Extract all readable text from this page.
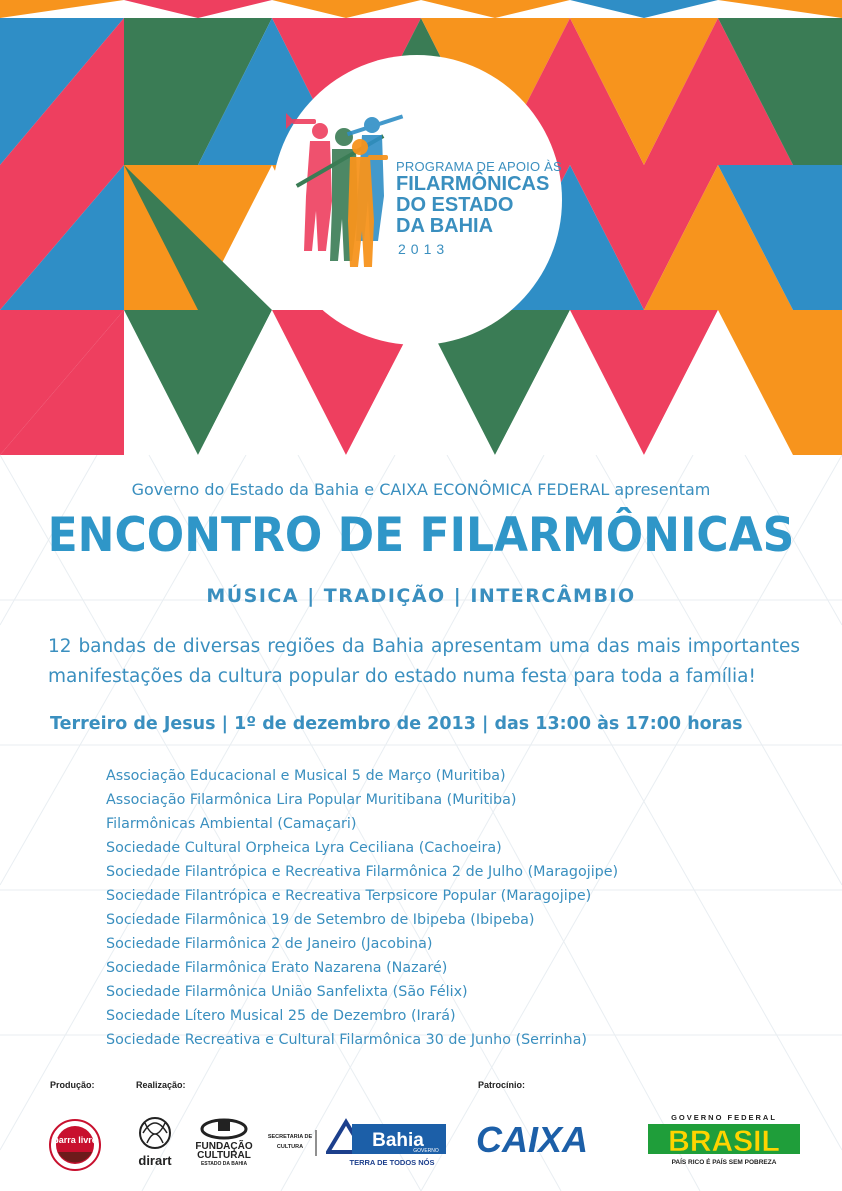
PROGRAMA DE APOIO ÀS
FILARMÔNICAS
DO ESTADO
DA BAHIA
2013
Governo do Estado da Bahia e CAIXA ECONÔMICA FEDERAL apresentam
ENCONTRO DE FILARMÔNICAS
MÚSICA | TRADIÇÃO | INTERCÂMBIO
12 bandas de diversas regiões da Bahia apresentam uma das mais importantes manifestações da cultura popular do estado numa festa para toda a família!
Terreiro de Jesus | 1º de dezembro de 2013 | das 13:00 às 17:00 horas
Associação Educacional e Musical 5 de Março (Muritiba)
Associação Filarmônica Lira Popular Muritibana (Muritiba)
Filarmônicas Ambiental (Camaçari)
Sociedade Cultural Orpheica Lyra Ceciliana (Cachoeira)
Sociedade Filantrópica e Recreativa Filarmônica 2 de Julho (Maragojipe)
Sociedade Filantrópica e Recreativa Terpsicore Popular (Maragojipe)
Sociedade Filarmônica 19 de Setembro de Ibipeba (Ibipeba)
Sociedade Filarmônica 2 de Janeiro (Jacobina)
Sociedade Filarmônica Erato Nazarena (Nazaré)
Sociedade Filarmônica União Sanfelixta (São Félix)
Sociedade Lítero Musical 25 de Dezembro (Irará)
Sociedade Recreativa e Cultural Filarmônica 30 de Junho (Serrinha)
Produção:	Realização:	Patrocínio:
barra livre
dirart
FUNDAÇÃO
CULTURAL
ESTADO DA BAHIA
SECRETARIA DE
CULTURA	Bahia
GOVERNO
TERRA DE TODOS NÓS
CAIXA
GOVERNO FEDERAL
BRASIL
PAÍS RICO É PAÍS SEM POBREZA
